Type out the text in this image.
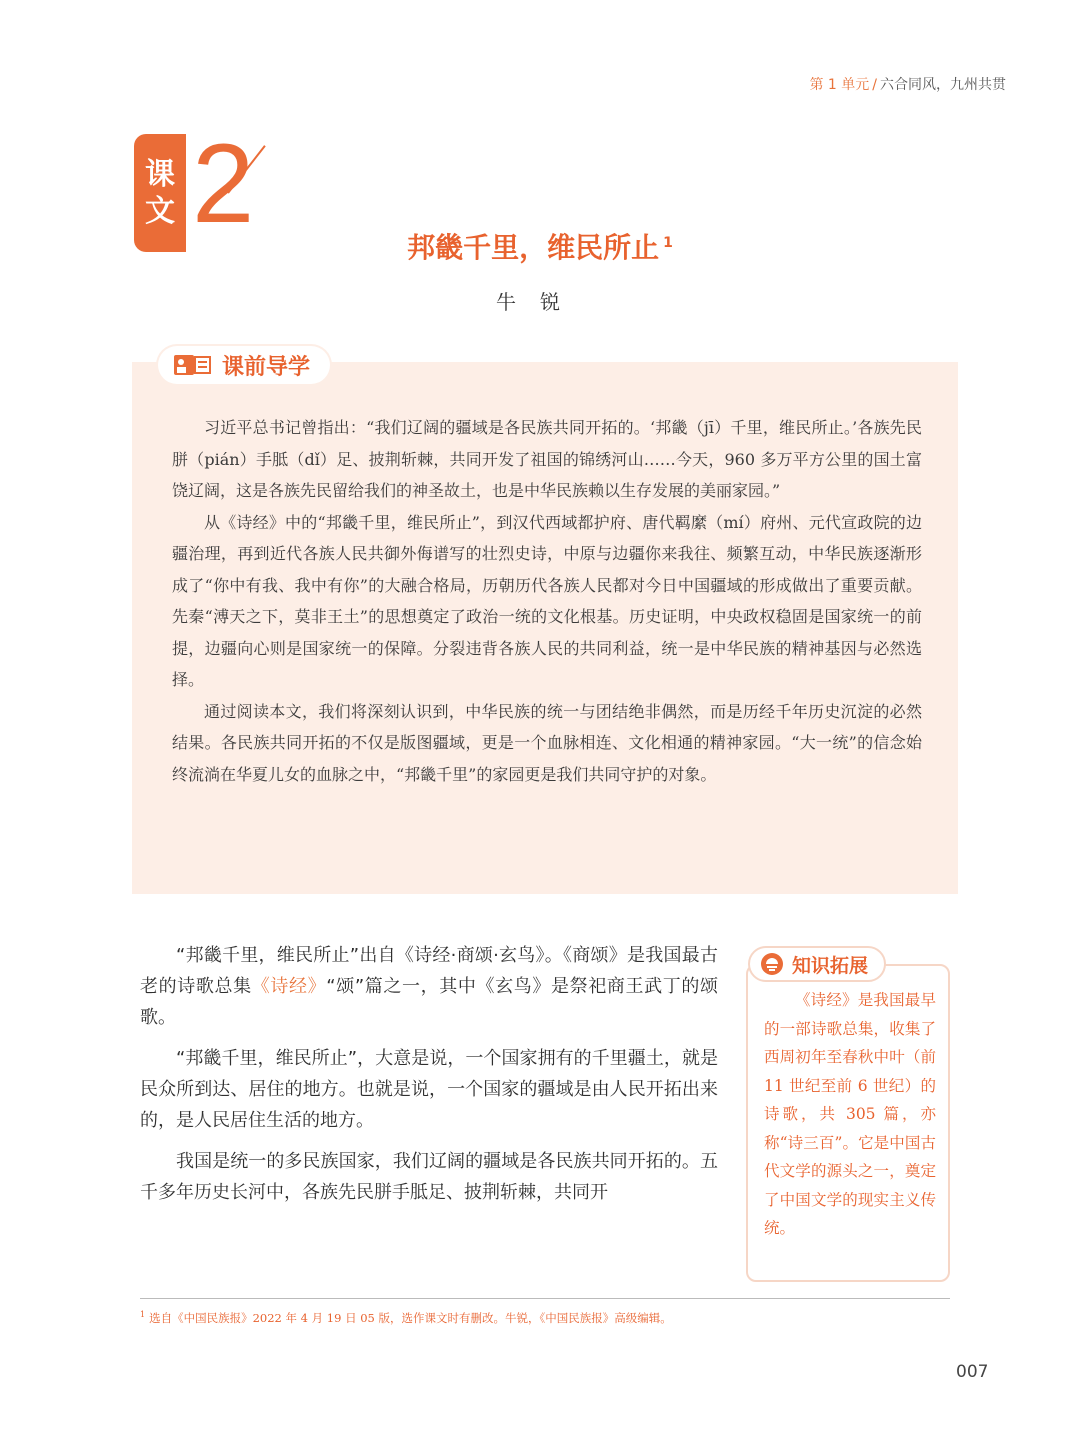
第 1 单元 / 六合同风，九州共贯
课
文 2
邦畿千里，维民所止 $^1$
牛锐
课前导学

习近平总书记曾指出：“我们辽阔的疆域是各民族共同开拓的。‘邦畿（jī）千里，维民所止。’各族先民胼（pián）手胝（dǐ）足、披荆斩棘，共同开发了祖国的锦绣河山……今天，960 多万平方公里的国土富饶辽阔，这是各族先民留给我们的神圣故土，也是中华民族赖以生存发展的美丽家园。”

从《诗经》中的“邦畿千里，维民所止”，到汉代西域都护府、唐代羁縻（mí）府州、元代宣政院的边疆治理，再到近代各族人民共御外侮谱写的壮烈史诗，中原与边疆你来我往、频繁互动，中华民族逐渐形成了“你中有我、我中有你”的大融合格局，历朝历代各族人民都对今日中国疆域的形成做出了重要贡献。先秦“溥天之下，莫非王土”的思想奠定了政治一统的文化根基。历史证明，中央政权稳固是国家统一的前提，边疆向心则是国家统一的保障。分裂违背各族人民的共同利益，统一是中华民族的精神基因与必然选择。

通过阅读本文，我们将深刻认识到，中华民族的统一与团结绝非偶然，而是历经千年历史沉淀的必然结果。各民族共同开拓的不仅是版图疆域，更是一个血脉相连、文化相通的精神家园。“大一统”的信念始终流淌在华夏儿女的血脉之中，“邦畿千里”的家园更是我们共同守护的对象。

“邦畿千里，维民所止”出自《诗经·商颂·玄鸟》。《商颂》是我国最古老的诗歌总集《诗经》“颂”篇之一，其中《玄鸟》是祭祀商王武丁的颂歌。

“邦畿千里，维民所止”，大意是说，一个国家拥有的千里疆土，就是民众所到达、居住的地方。也就是说，一个国家的疆域是由人民开拓出来的，是人民居住生活的地方。

我国是统一的多民族国家，我们辽阔的疆域是各民族共同开拓的。五千多年历史长河中，各族先民胼手胝足、披荆斩棘，共同开

知识拓展

《诗经》是我国最早的一部诗歌总集，收集了西周初年至春秋中叶（前 11 世纪至前 6 世纪）的诗歌，共 305 篇，亦称“诗三百”。它是中国古代文学的源头之一，奠定了中国文学的现实主义传统。

$^1$ 选自《中国民族报》2022 年 4 月 19 日 05 版，选作课文时有删改。牛锐，《中国民族报》高级编辑。
007
